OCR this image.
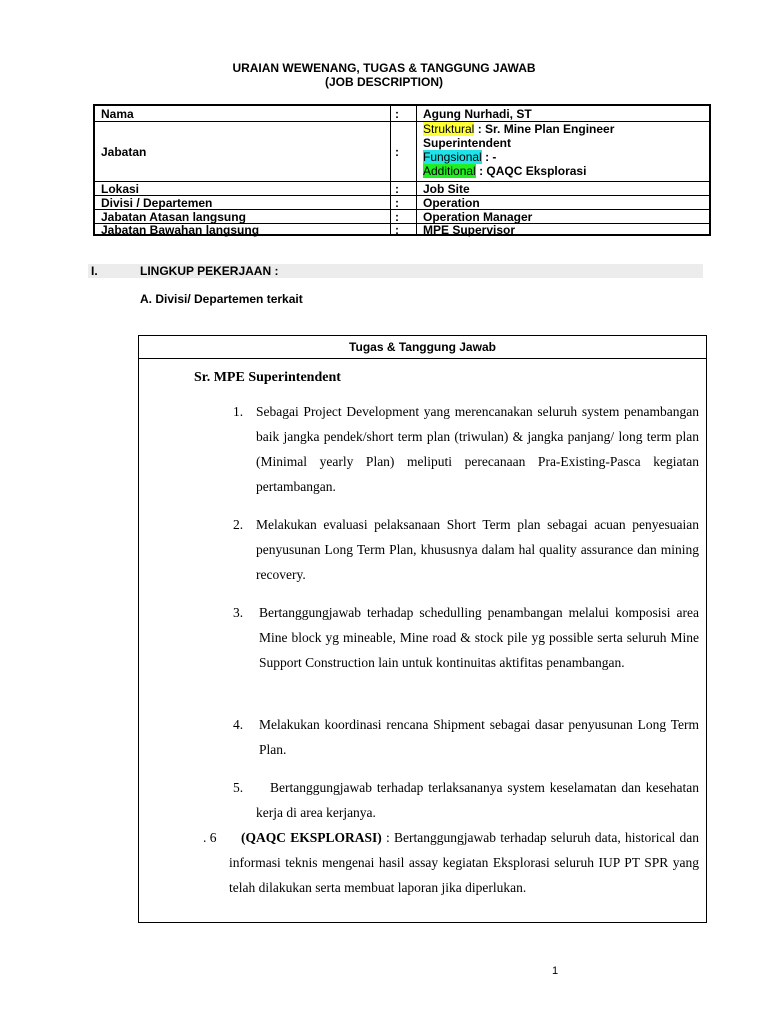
URAIAN WEWENANG, TUGAS & TANGGUNG JAWAB
(JOB DESCRIPTION)
Nama	:	Agung Nurhadi, ST
Jabatan	:
Struktural : Sr. Mine Plan Engineer
Superintendent
Fungsional : -
Additional : QAQC Eksplorasi
Lokasi	:	Job Site
Divisi / Departemen	:	Operation
Jabatan Atasan langsung	:	Operation Manager
Jabatan Bawahan langsung	:	MPE Supervisor
I.	LINGKUP PEKERJAAN :
A. Divisi/ Departemen terkait
Tugas & Tanggung Jawab
Sr. MPE Superintendent
1. Sebagai Project Development yang merencanakan seluruh system penambangan baik jangka pendek/short term plan (triwulan) & jangka panjang/ long term plan (Minimal yearly Plan) meliputi perecanaan Pra-Existing-Pasca kegiatan pertambangan.
2. Melakukan evaluasi pelaksanaan Short Term plan sebagai acuan penyesuaian penyusunan Long Term Plan, khususnya dalam hal quality assurance dan mining recovery.
3. Bertanggungjawab terhadap schedulling penambangan melalui komposisi area Mine block yg mineable, Mine road & stock pile yg possible serta seluruh Mine Support Construction lain untuk kontinuitas aktifitas penambangan.
4. Melakukan koordinasi rencana Shipment sebagai dasar penyusunan Long Term Plan.
5.	Bertanggungjawab terhadap terlaksananya system keselamatan dan kesehatan kerja di area kerjanya.
. 6	(QAQC EKSPLORASI) : Bertanggungjawab terhadap seluruh data, historical dan informasi teknis mengenai hasil assay kegiatan Eksplorasi seluruh IUP PT SPR yang telah dilakukan serta membuat laporan jika diperlukan.
1
